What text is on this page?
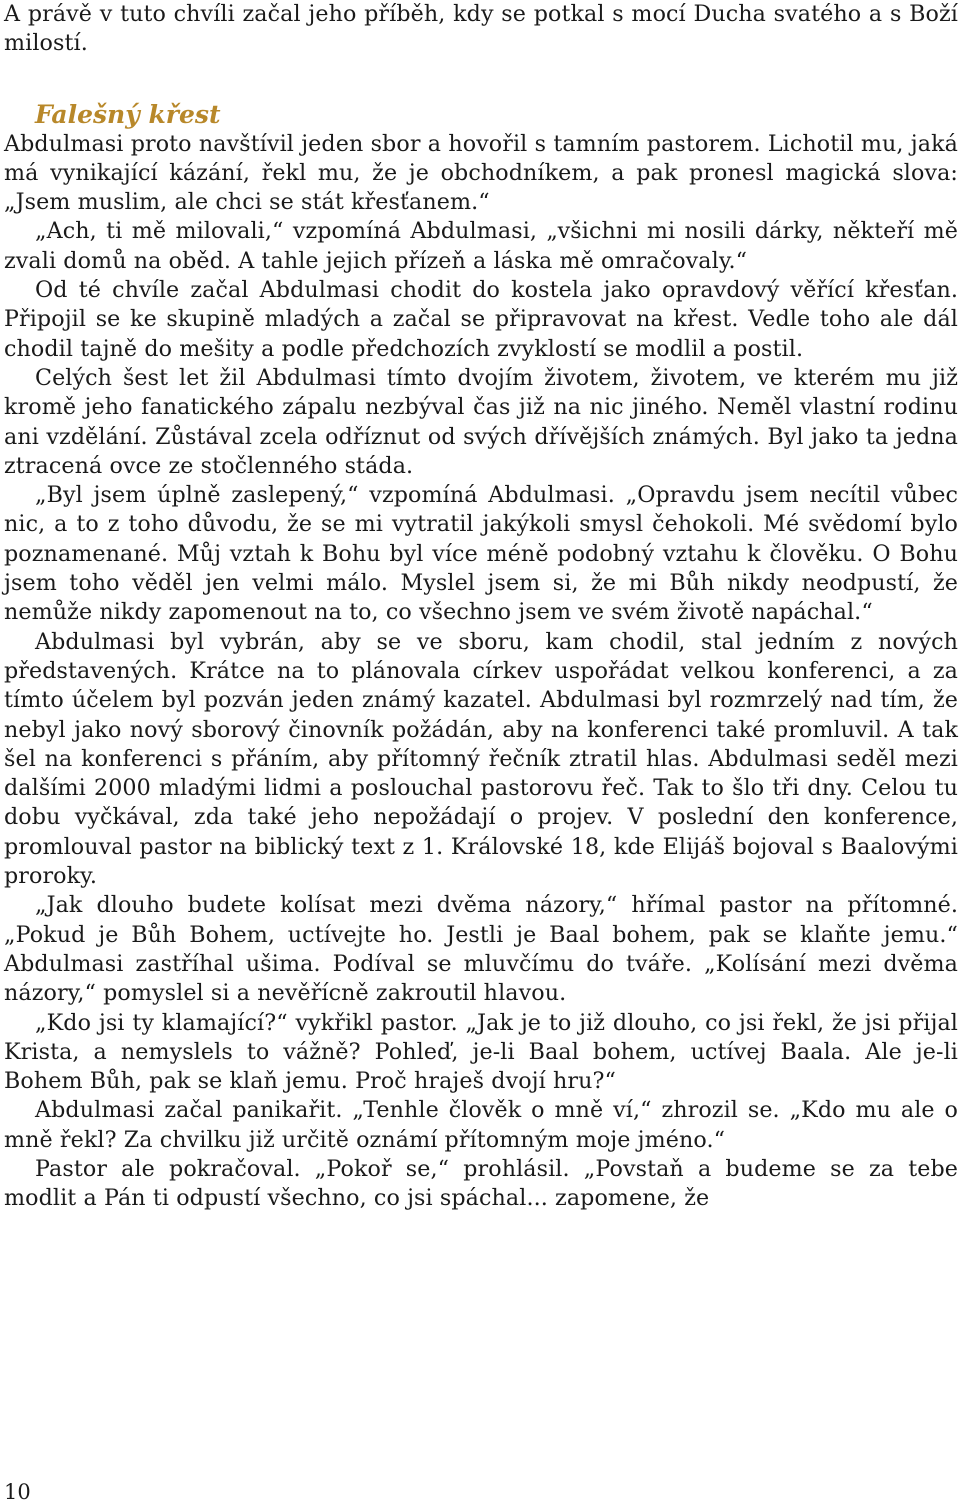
A právě v tuto chvíli začal jeho příběh, kdy se potkal s mocí Ducha svatého a s Boží milostí.

Falešný křest

Abdulmasi proto navštívil jeden sbor a hovořil s tamním pastorem. Lichotil mu, jaká má vynikající kázání, řekl mu, že je obchodníkem, a pak pronesl magická slova: „Jsem muslim, ale chci se stát křesťanem.“

„Ach, ti mě milovali,“ vzpomíná Abdulmasi, „všichni mi nosili dárky, někteří mě zvali domů na oběd. A tahle jejich přízeň a láska mě omračovaly.“

Od té chvíle začal Abdulmasi chodit do kostela jako opravdový věřící křesťan. Připojil se ke skupině mladých a začal se připravovat na křest. Vedle toho ale dál chodil tajně do mešity a podle předchozích zvyklostí se modlil a postil.

Celých šest let žil Abdulmasi tímto dvojím životem, životem, ve kterém mu již kromě jeho fanatického zápalu nezbýval čas již na nic jiného. Neměl vlastní rodinu ani vzdělání. Zůstával zcela odříznut od svých dřívějších známých. Byl jako ta jedna ztracená ovce ze stočlenného stáda.

„Byl jsem úplně zaslepený,“ vzpomíná Abdulmasi. „Opravdu jsem necítil vůbec nic, a to z toho důvodu, že se mi vytratil jakýkoli smysl čehokoli. Mé svědomí bylo poznamenané. Můj vztah k Bohu byl více méně podobný vztahu k člověku. O Bohu jsem toho věděl jen velmi málo. Myslel jsem si, že mi Bůh nikdy neodpustí, že nemůže nikdy zapomenout na to, co všechno jsem ve svém životě napáchal.“

Abdulmasi byl vybrán, aby se ve sboru, kam chodil, stal jedním z nových představených. Krátce na to plánovala církev uspořádat velkou konferenci, a za tímto účelem byl pozván jeden známý kazatel. Abdulmasi byl rozmrzelý nad tím, že nebyl jako nový sborový činovník požádán, aby na konferenci také promluvil. A tak šel na konferenci s přáním, aby přítomný řečník ztratil hlas. Abdulmasi seděl mezi dalšími 2000 mladými lidmi a poslouchal pastorovu řeč. Tak to šlo tři dny. Celou tu dobu vyčkával, zda také jeho nepožádají o projev. V poslední den konference, promlouval pastor na biblický text z 1. Královské 18, kde Elijáš bojoval s Baalovými proroky.

„Jak dlouho budete kolísat mezi dvěma názory,“ hřímal pastor na přítomné. „Pokud je Bůh Bohem, uctívejte ho. Jestli je Baal bohem, pak se klaňte jemu.“ Abdulmasi zastříhal ušima. Podíval se mluvčímu do tváře. „Kolísání mezi dvěma názory,“ pomyslel si a nevěřícně zakroutil hlavou.

„Kdo jsi ty klamající?“ vykřikl pastor. „Jak je to již dlouho, co jsi řekl, že jsi přijal Krista, a nemyslels to vážně? Pohleď, je-li Baal bohem, uctívej Baala. Ale je-li Bohem Bůh, pak se klaň jemu. Proč hraješ dvojí hru?“

Abdulmasi začal panikařit. „Tenhle člověk o mně ví,“ zhrozil se. „Kdo mu ale o mně řekl? Za chvilku již určitě oznámí přítomným moje jméno.“

Pastor ale pokračoval. „Pokoř se,“ prohlásil. „Povstaň a budeme se za tebe modlit a Pán ti odpustí všechno, co jsi spáchal... zapomene, že

10
